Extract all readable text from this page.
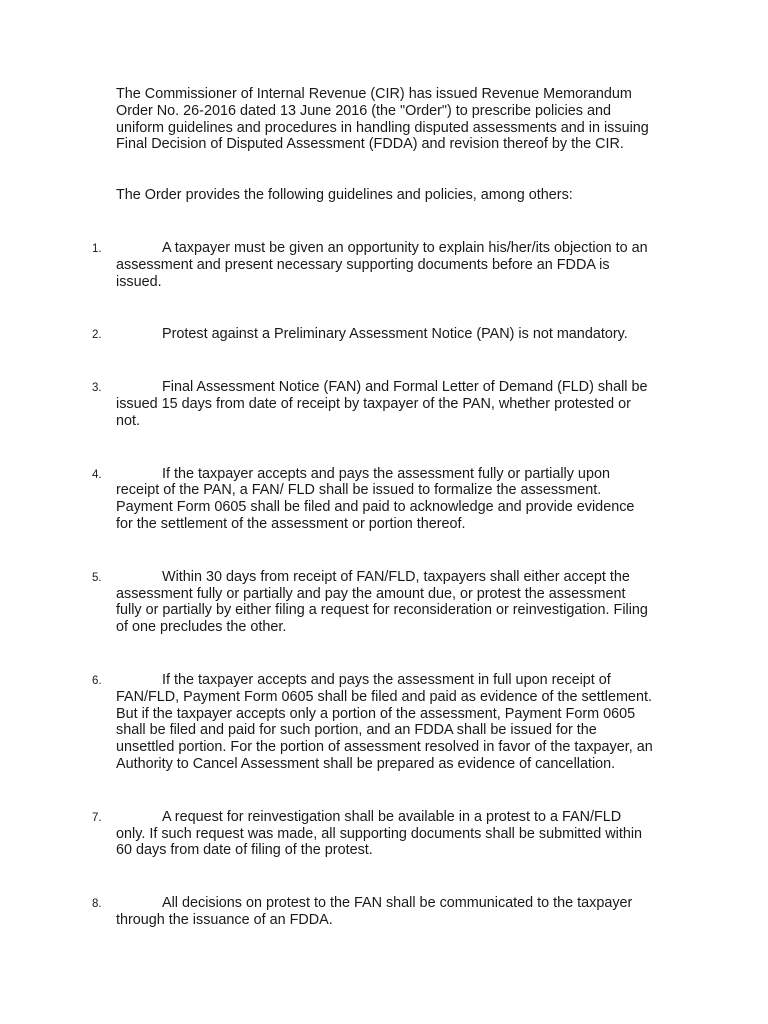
The Commissioner of Internal Revenue (CIR) has issued Revenue Memorandum Order No. 26-2016 dated 13 June 2016 (the "Order") to prescribe policies and uniform guidelines and procedures in handling disputed assessments and in issuing Final Decision of Disputed Assessment (FDDA) and revision thereof by the CIR.

The Order provides the following guidelines and policies, among others:

1.	A taxpayer must be given an opportunity to explain his/her/its objection to an assessment and present necessary supporting documents before an FDDA is issued.
2.	Protest against a Preliminary Assessment Notice (PAN) is not mandatory.
3.	Final Assessment Notice (FAN) and Formal Letter of Demand (FLD) shall be issued 15 days from date of receipt by taxpayer of the PAN, whether protested or not.
4.	If the taxpayer accepts and pays the assessment fully or partially upon receipt of the PAN, a FAN/ FLD shall be issued to formalize the assessment. Payment Form 0605 shall be filed and paid to acknowledge and provide evidence for the settlement of the assessment or portion thereof.
5.	Within 30 days from receipt of FAN/FLD, taxpayers shall either accept the assessment fully or partially and pay the amount due, or protest the assessment fully or partially by either filing a request for reconsideration or reinvestigation. Filing of one precludes the other.
6.	If the taxpayer accepts and pays the assessment in full upon receipt of FAN/FLD, Payment Form 0605 shall be filed and paid as evidence of the settlement. But if the taxpayer accepts only a portion of the assessment, Payment Form 0605 shall be filed and paid for such portion, and an FDDA shall be issued for the unsettled portion. For the portion of assessment resolved in favor of the taxpayer, an Authority to Cancel Assessment shall be prepared as evidence of cancellation.
7.	A request for reinvestigation shall be available in a protest to a FAN/FLD only. If such request was made, all supporting documents shall be submitted within 60 days from date of filing of the protest.
8.	All decisions on protest to the FAN shall be communicated to the taxpayer through the issuance of an FDDA.
